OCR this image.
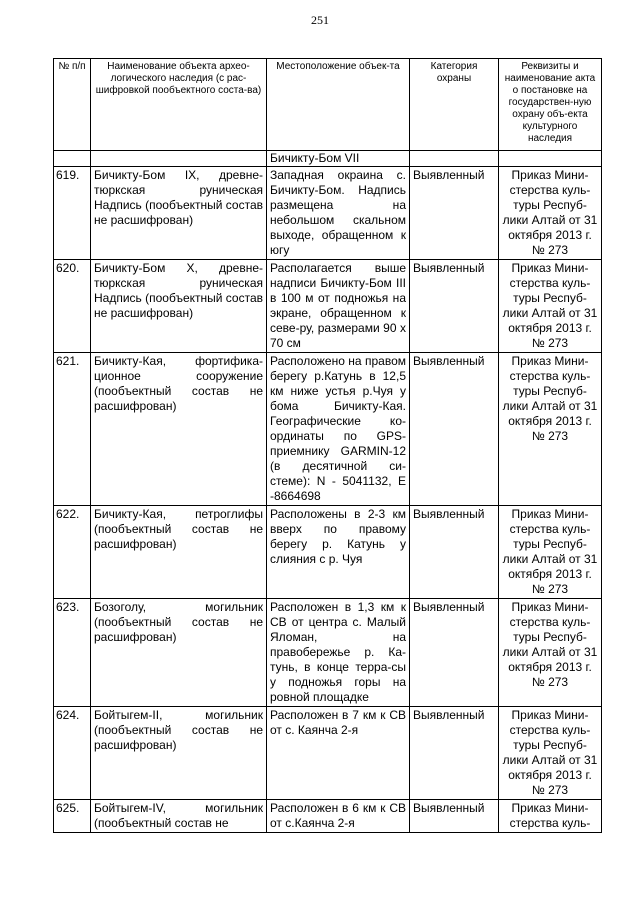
251
№ п/п	Наименование объекта архео-логического наследия (с рас-шифровкой пообъектного соста-ва)	Местоположение объек-та	Категория охраны	Реквизиты и наименование акта о постановке на государствен-ную охрану объ-екта культурного наследия
		Бичикту-Бом VII		
619.	Бичикту-Бом IX, древне-тюркская руническая Надпись (пообъектный состав не расшифрован)	Западная окраина с. Бичикту-Бом. Надпись размещена на небольшом скальном выходе, обращенном к югу	Выявленный	Приказ Мини-стерства куль-туры Респуб-лики Алтай от 31 октября 2013 г. № 273
620.	Бичикту-Бом X, древне-тюркская руническая Надпись (пообъектный состав не расшифрован)	Располагается выше надписи Бичикту-Бом III в 100 м от подножья на экране, обращенном к севе-ру, размерами 90 х 70 см	Выявленный	Приказ Мини-стерства куль-туры Респуб-лики Алтай от 31 октября 2013 г. № 273
621.	Бичикту-Кая, фортифика-ционное сооружение (пообъектный состав не расшифрован)	Расположено на правом берегу р.Катунь в 12,5 км ниже устья р.Чуя у бома Бичикту-Кая. Географические ко-ординаты по GPS-приемнику GARMIN-12 (в десятичной си-стеме): N - 5041132, E -8664698	Выявленный	Приказ Мини-стерства куль-туры Респуб-лики Алтай от 31 октября 2013 г. № 273
622.	Бичикту-Кая, петроглифы (пообъектный состав не расшифрован)	Расположены в 2-3 км вверх по правому берегу р. Катунь у слияния с р. Чуя	Выявленный	Приказ Мини-стерства куль-туры Респуб-лики Алтай от 31 октября 2013 г. № 273
623.	Бозоголу, могильник (пообъектный состав не расшифрован)	Расположен в 1,3 км к СВ от центра с. Малый Яломан, на правобережье р. Ка-тунь, в конце терра-сы у подножья горы на ровной площадке	Выявленный	Приказ Мини-стерства куль-туры Респуб-лики Алтай от 31 октября 2013 г. № 273
624.	Бойтыгем-II, могильник (пообъектный состав не расшифрован)	Расположен в 7 км к СВ от с. Каянча 2-я	Выявленный	Приказ Мини-стерства куль-туры Респуб-лики Алтай от 31 октября 2013 г. № 273
625.	Бойтыгем-IV, могильник (пообъектный состав не	Расположен в 6 км к СВ от с.Каянча 2-я	Выявленный	Приказ Мини-стерства куль-
